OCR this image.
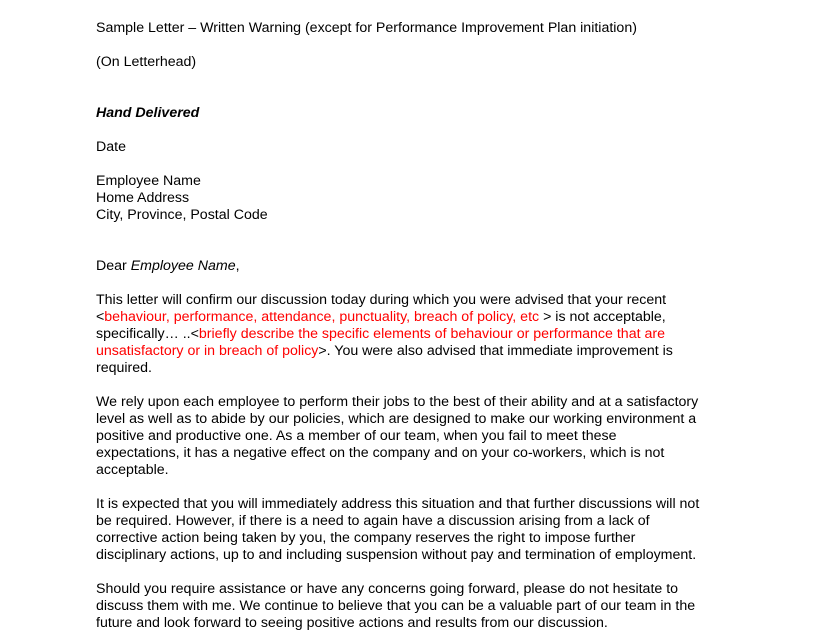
Sample Letter – Written Warning (except for Performance Improvement Plan initiation)
(On Letterhead)
Hand Delivered
Date

Employee Name

Home Address

City, Province, Postal Code

Dear Employee Name,

This letter will confirm our discussion today during which you were advised that your recent

<behaviour, performance, attendance, punctuality, breach of policy, etc > is not acceptable,

specifically… ..<briefly describe the specific elements of behaviour or performance that are

unsatisfactory or in breach of policy>. You were also advised that immediate improvement is

required.

We rely upon each employee to perform their jobs to the best of their ability and at a satisfactory

level as well as to abide by our policies, which are designed to make our working environment a

positive and productive one. As a member of our team, when you fail to meet these

expectations, it has a negative effect on the company and on your co-workers, which is not

acceptable.

It is expected that you will immediately address this situation and that further discussions will not

be required. However, if there is a need to again have a discussion arising from a lack of

corrective action being taken by you, the company reserves the right to impose further

disciplinary actions, up to and including suspension without pay and termination of employment.

Should you require assistance or have any concerns going forward, please do not hesitate to

discuss them with me. We continue to believe that you can be a valuable part of our team in the

future and look forward to seeing positive actions and results from our discussion.
